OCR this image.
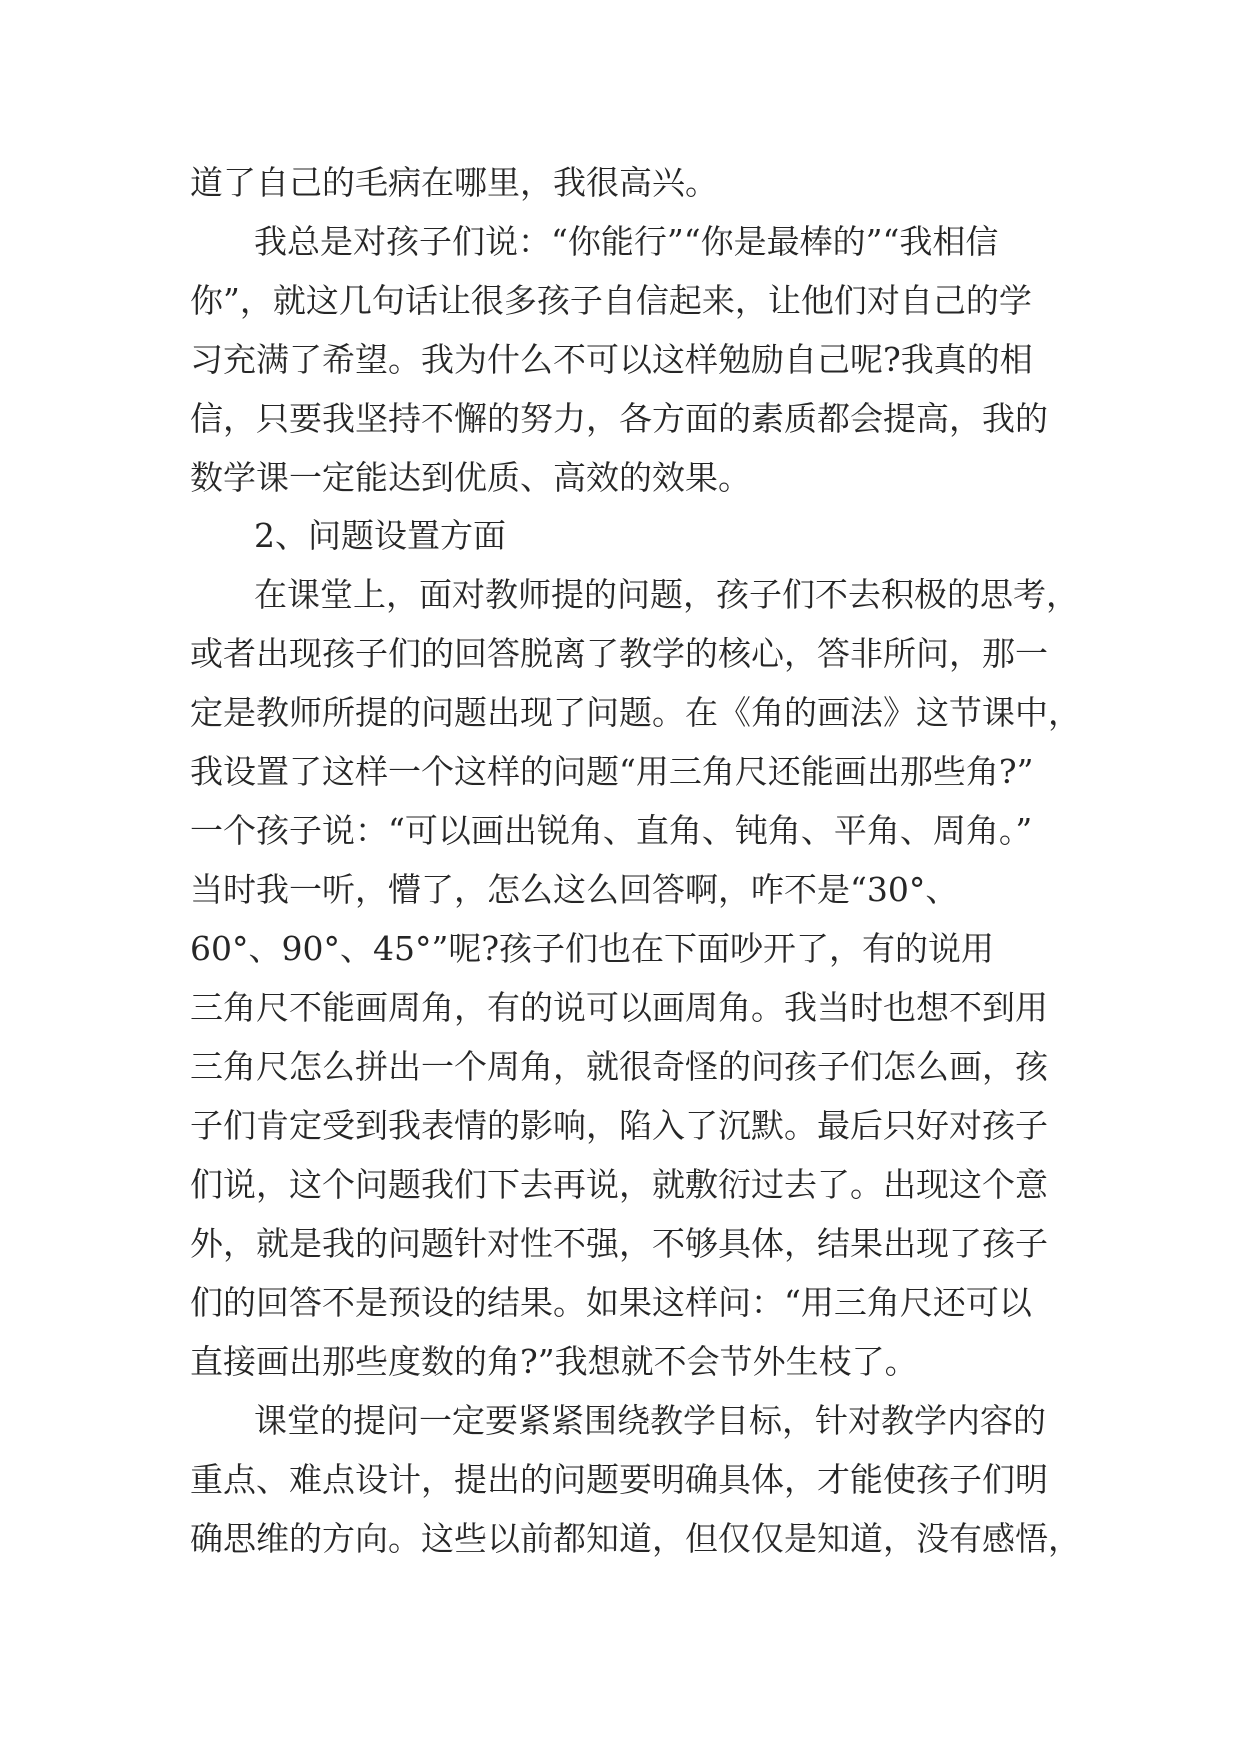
道了自己的毛病在哪里，我很高兴。
我总是对孩子们说：“你能行”“你是最棒的”“我相信
你”，就这几句话让很多孩子自信起来，让他们对自己的学
习充满了希望。我为什么不可以这样勉励自己呢?我真的相
信，只要我坚持不懈的努力，各方面的素质都会提高，我的
数学课一定能达到优质、高效的效果。
2、问题设置方面
在课堂上，面对教师提的问题，孩子们不去积极的思考，
或者出现孩子们的回答脱离了教学的核心，答非所问，那一
定是教师所提的问题出现了问题。在《角的画法》这节课中，
我设置了这样一个这样的问题“用三角尺还能画出那些角?”
一个孩子说：“可以画出锐角、直角、钝角、平角、周角。”
当时我一听，懵了，怎么这么回答啊，咋不是“30°、
60°、90°、45°”呢?孩子们也在下面吵开了，有的说用
三角尺不能画周角，有的说可以画周角。我当时也想不到用
三角尺怎么拼出一个周角，就很奇怪的问孩子们怎么画，孩
子们肯定受到我表情的影响，陷入了沉默。最后只好对孩子
们说，这个问题我们下去再说，就敷衍过去了。出现这个意
外，就是我的问题针对性不强，不够具体，结果出现了孩子
们的回答不是预设的结果。如果这样问：“用三角尺还可以
直接画出那些度数的角?”我想就不会节外生枝了。
课堂的提问一定要紧紧围绕教学目标，针对教学内容的
重点、难点设计，提出的问题要明确具体，才能使孩子们明
确思维的方向。这些以前都知道，但仅仅是知道，没有感悟，
